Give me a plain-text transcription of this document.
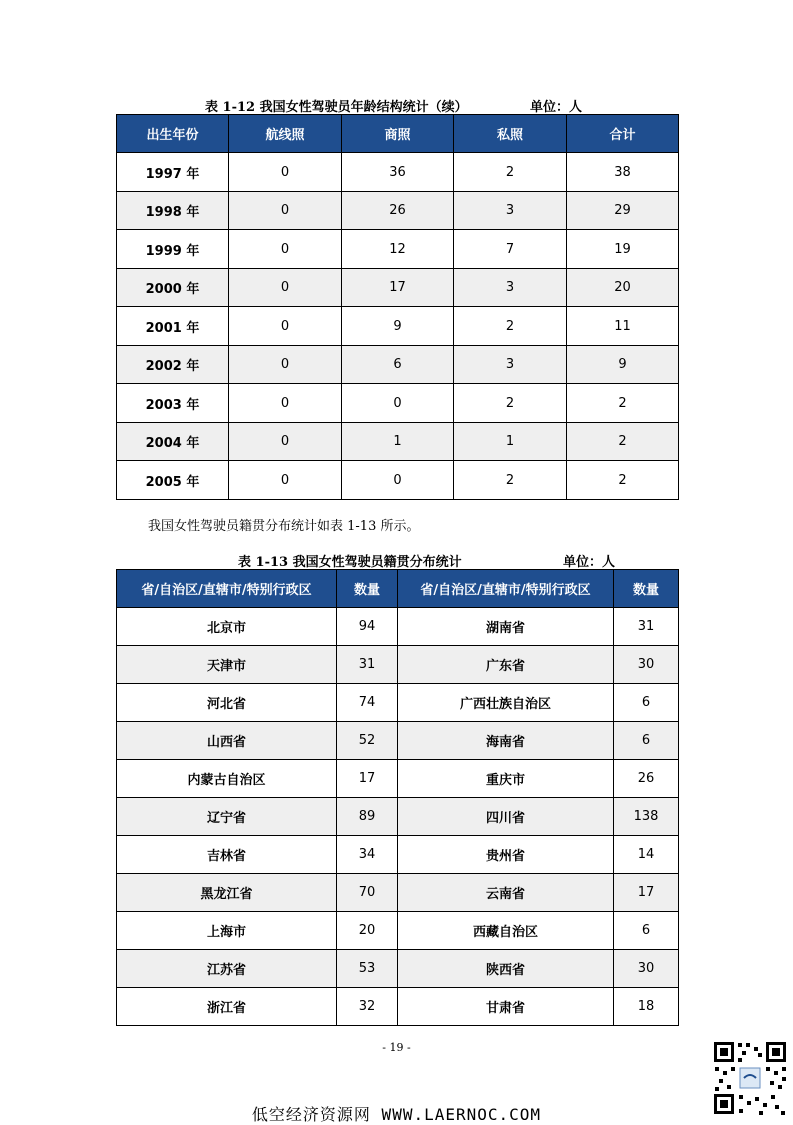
表 1-12 我国女性驾驶员年龄结构统计（续）	单位：人
出生年份	航线照	商照	私照	合计
1997 年	0	36	2	38
1998 年	0	26	3	29
1999 年	0	12	7	19
2000 年	0	17	3	20
2001 年	0	9	2	11
2002 年	0	6	3	9
2003 年	0	0	2	2
2004 年	0	1	1	2
2005 年	0	0	2	2
我国女性驾驶员籍贯分布统计如表 1-13 所示。
表 1-13 我国女性驾驶员籍贯分布统计	单位：人
省/自治区/直辖市/特别行政区	数量	省/自治区/直辖市/特别行政区	数量
北京市	94	湖南省	31
天津市	31	广东省	30
河北省	74	广西壮族自治区	6
山西省	52	海南省	6
内蒙古自治区	17	重庆市	26
辽宁省	89	四川省	138
吉林省	34	贵州省	14
黑龙江省	70	云南省	17
上海市	20	西藏自治区	6
江苏省	53	陕西省	30
浙江省	32	甘肃省	18
- 19 -
低空经济资源网 WWW.LAERNOC.COM
